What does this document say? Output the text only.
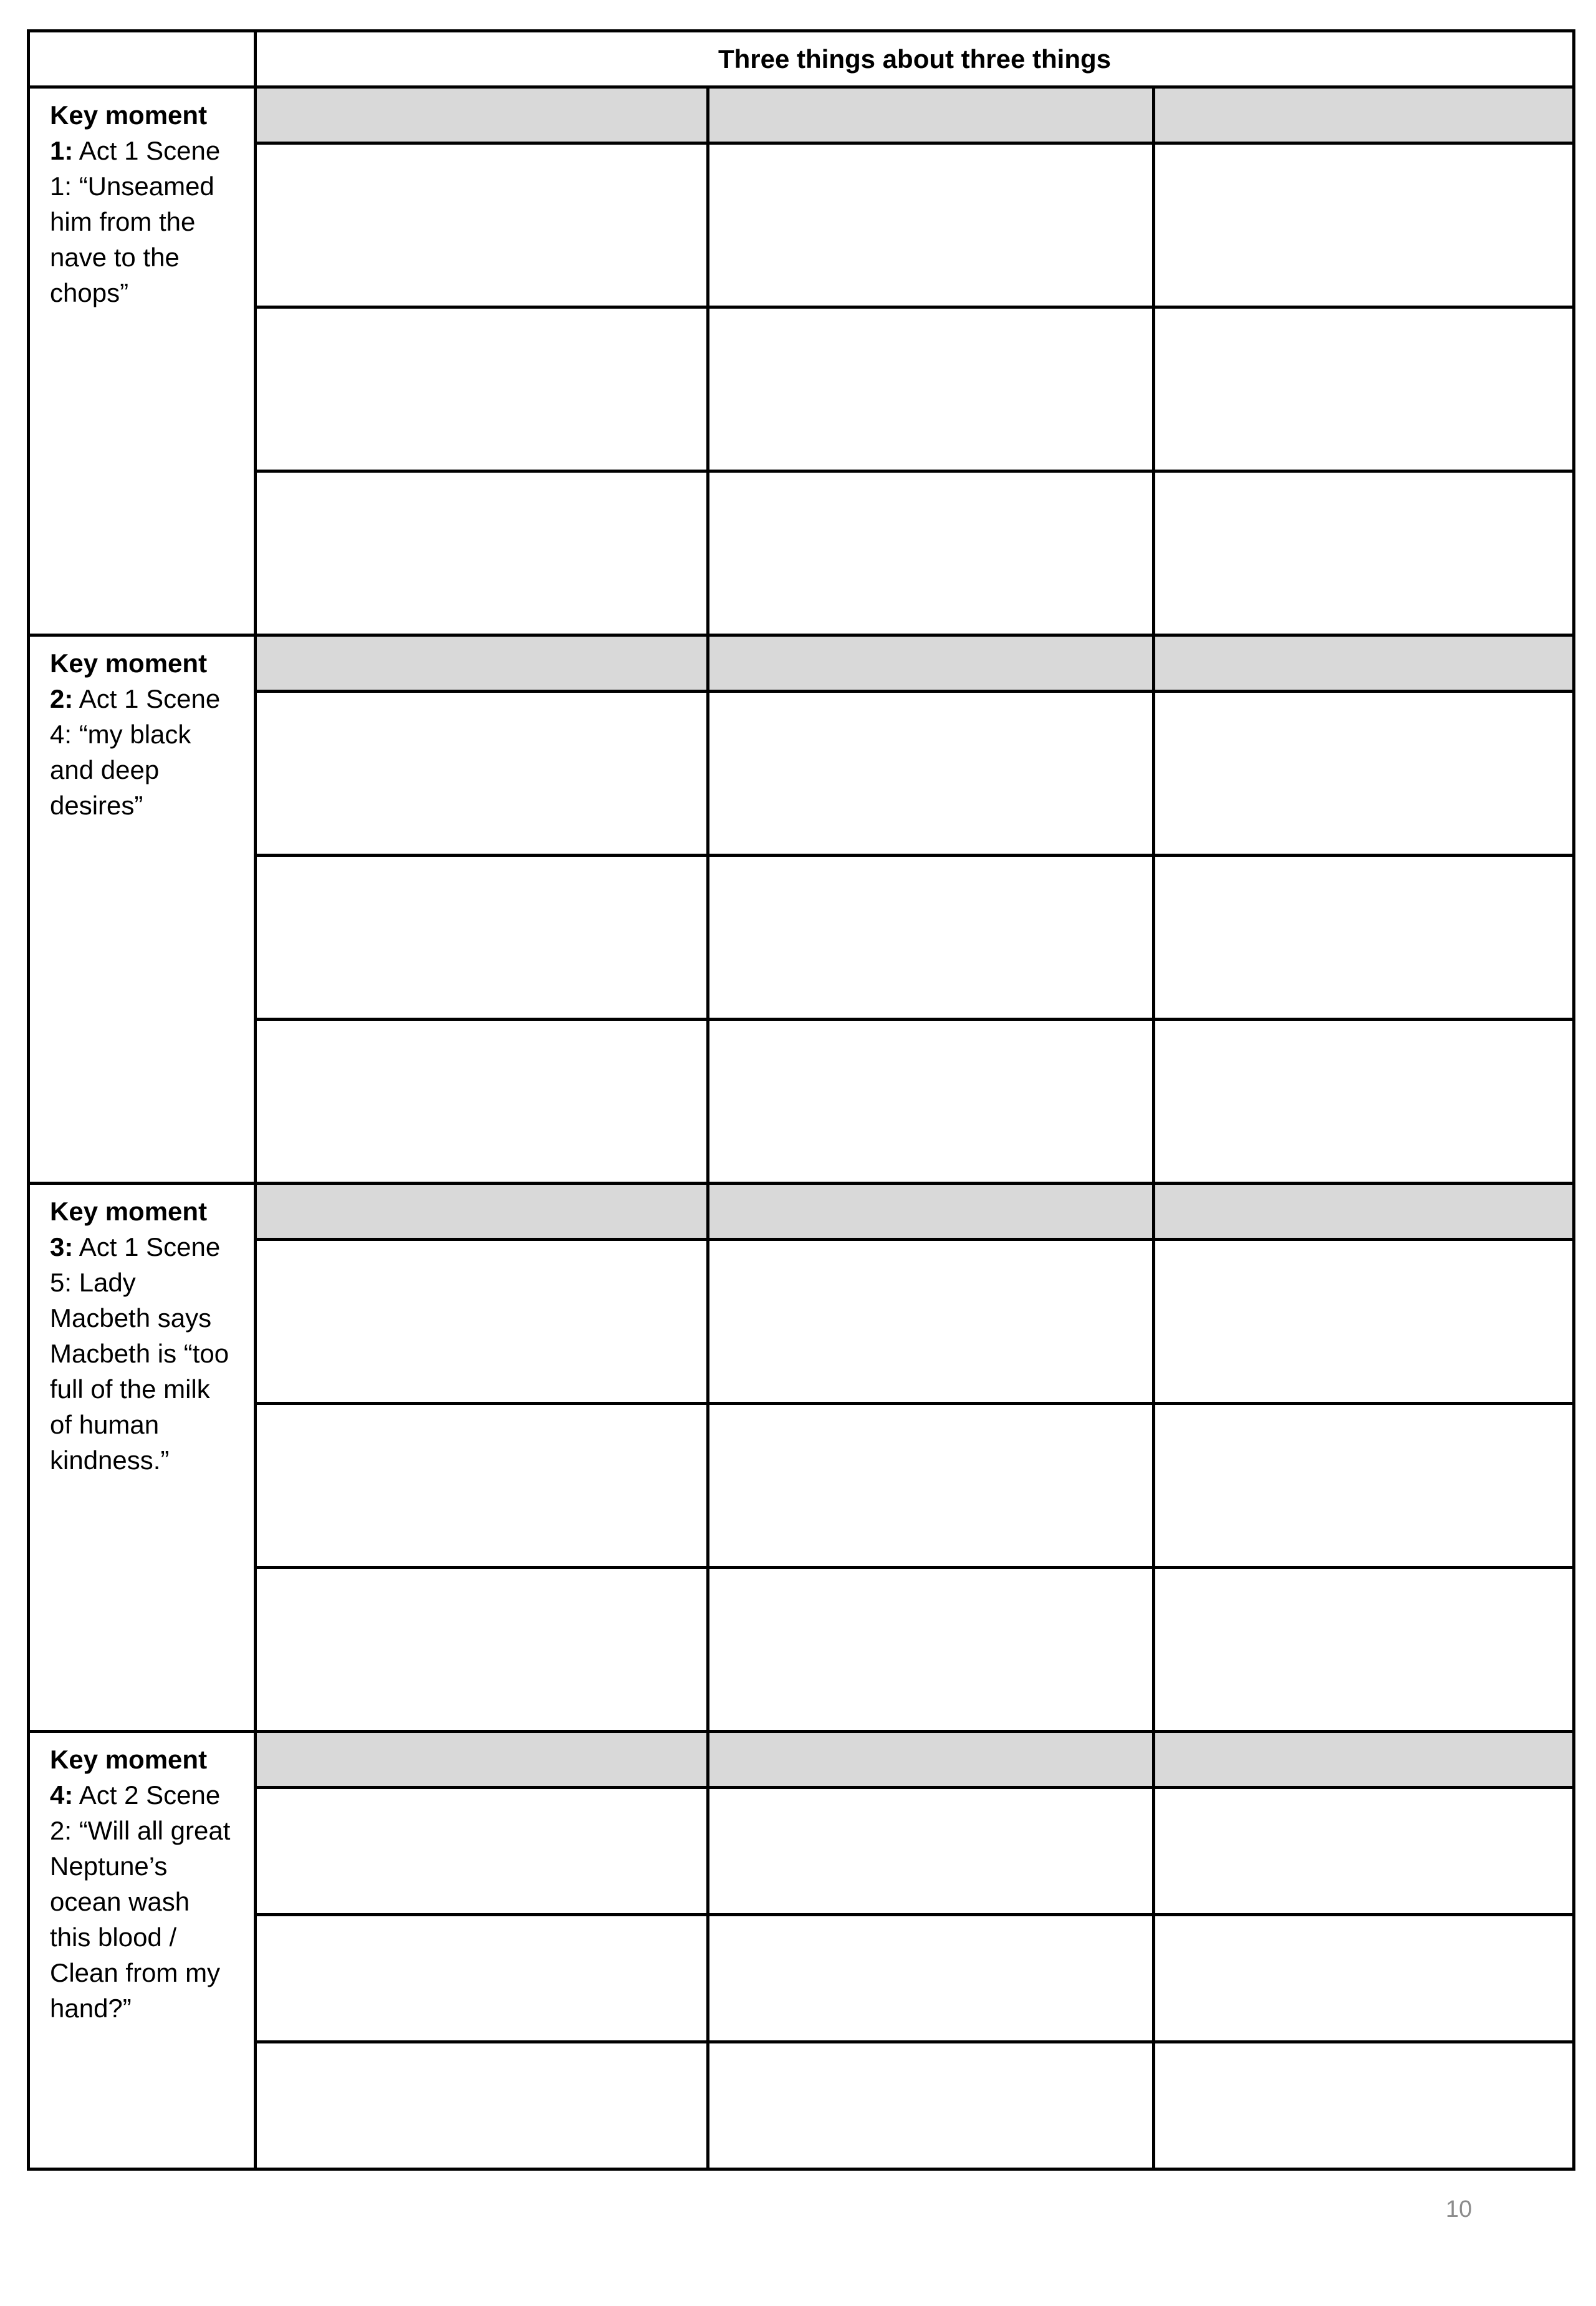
	Three things about three things		
Key moment
1: Act 1 Scene 1: “Unseamed him from the nave to the chops”			

Key moment
2: Act 1 Scene 4: “my black and deep desires”			

Key moment
3: Act 1 Scene 5: Lady Macbeth says Macbeth is “too full of the milk of human kindness.”			

Key moment
4: Act 2 Scene 2: “Will all great Neptune’s ocean wash this blood / Clean from my hand?”			

10
